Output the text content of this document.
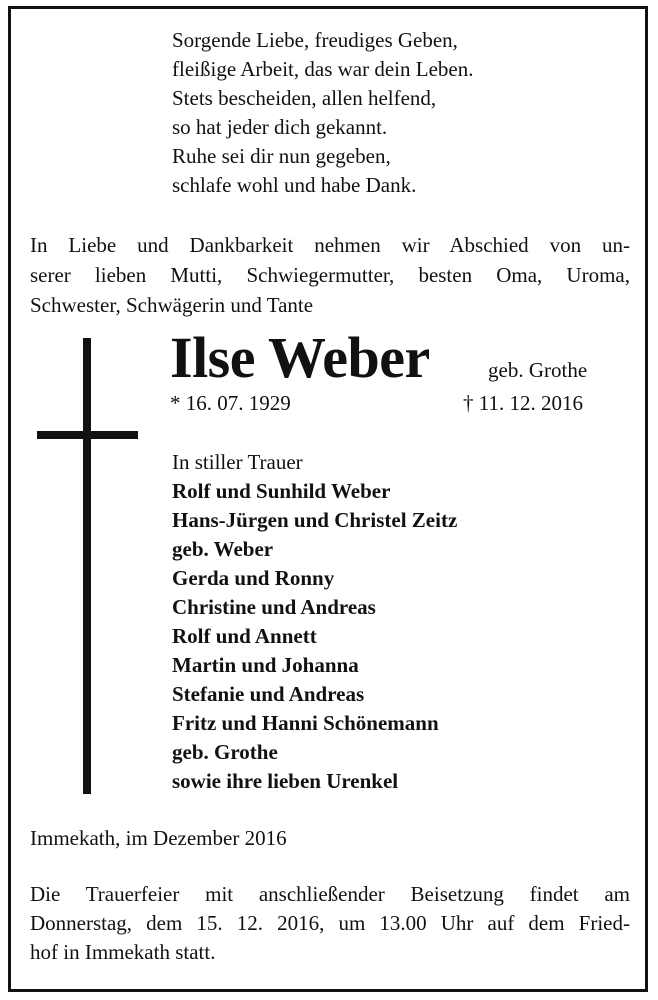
Sorgende Liebe, freudiges Geben,
fleißige Arbeit, das war dein Leben.
Stets bescheiden, allen helfend,
so hat jeder dich gekannt.
Ruhe sei dir nun gegeben,
schlafe wohl und habe Dank.
In Liebe und Dankbarkeit nehmen wir Abschied von un-
serer lieben Mutti, Schwiegermutter, besten Oma, Uroma,
Schwester, Schwägerin und Tante
Ilse Weber	geb. Grothe
* 16. 07. 1929	† 11. 12. 2016
In stiller Trauer
Rolf und Sunhild Weber
Hans-Jürgen und Christel Zeitz
geb. Weber
Gerda und Ronny
Christine und Andreas
Rolf und Annett
Martin und Johanna
Stefanie und Andreas
Fritz und Hanni Schönemann
geb. Grothe
sowie ihre lieben Urenkel
Immekath, im Dezember 2016
Die Trauerfeier mit anschließender Beisetzung findet am
Donnerstag, dem 15. 12. 2016, um 13.00 Uhr auf dem Fried-
hof in Immekath statt.
